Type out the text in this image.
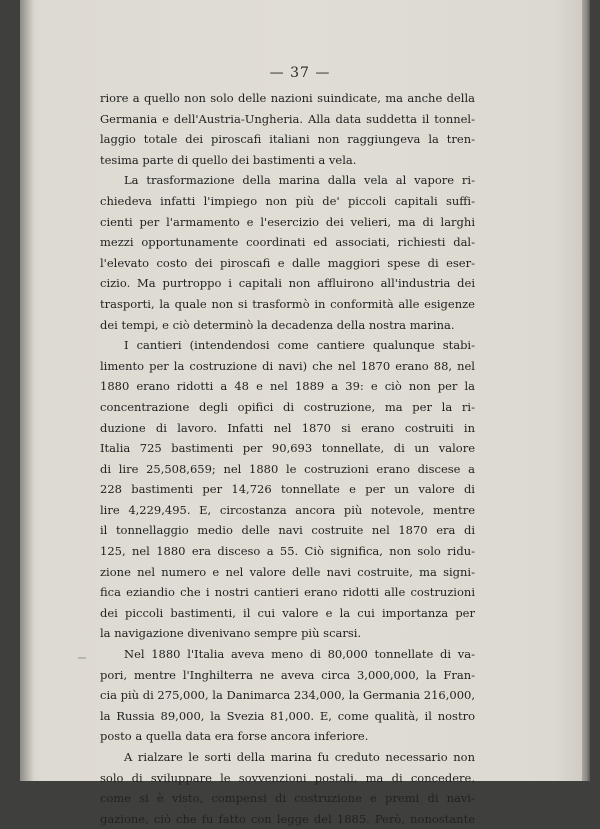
— 37 —

riore a quello non solo delle nazioni suindicate, ma anche della
Germania e dell'Austria-Ungheria. Alla data suddetta il tonnel-
laggio totale dei piroscafi italiani non raggiungeva la tren-
tesima parte di quello dei bastimenti a vela.

La trasformazione della marina dalla vela al vapore ri-
chiedeva infatti l'impiego non più de' piccoli capitali suffi-
cienti per l'armamento e l'esercizio dei velieri, ma di larghi
mezzi opportunamente coordinati ed associati, richiesti dal-
l'elevato costo dei piroscafi e dalle maggiori spese di eser-
cizio. Ma purtroppo i capitali non affluirono all'industria dei
trasporti, la quale non si trasformò in conformità alle esigenze
dei tempi, e ciò determinò la decadenza della nostra marina.

I cantieri (intendendosi come cantiere qualunque stabi-
limento per la costruzione di navi) che nel 1870 erano 88, nel
1880 erano ridotti a 48 e nel 1889 a 39: e ciò non per la
concentrazione degli opifici di costruzione, ma per la ri-
duzione di lavoro. Infatti nel 1870 si erano costruiti in
Italia 725 bastimenti per 90,693 tonnellate, di un valore
di lire 25,508,659; nel 1880 le costruzioni erano discese a
228 bastimenti per 14,726 tonnellate e per un valore di
lire 4,229,495. E, circostanza ancora più notevole, mentre
il tonnellaggio medio delle navi costruite nel 1870 era di
125, nel 1880 era disceso a 55. Ciò significa, non solo ridu-
zione nel numero e nel valore delle navi costruite, ma signi-
fica eziandio che i nostri cantieri erano ridotti alle costruzioni
dei piccoli bastimenti, il cui valore e la cui importanza per
la navigazione divenivano sempre più scarsi.

Nel 1880 l'Italia aveva meno di 80,000 tonnellate di va-
pori, mentre l'Inghilterra ne aveva circa 3,000,000, la Fran-
cia più di 275,000, la Danimarca 234,000, la Germania 216,000,
la Russia 89,000, la Svezia 81,000. E, come qualità, il nostro
posto a quella data era forse ancora inferiore.

A rialzare le sorti della marina fu creduto necessario non
solo di sviluppare le sovvenzioni postali, ma di concedere,
come si è visto, compensi di costruzione e premi di navi-
gazione, ciò che fu fatto con legge del 1885. Però, nonostante
